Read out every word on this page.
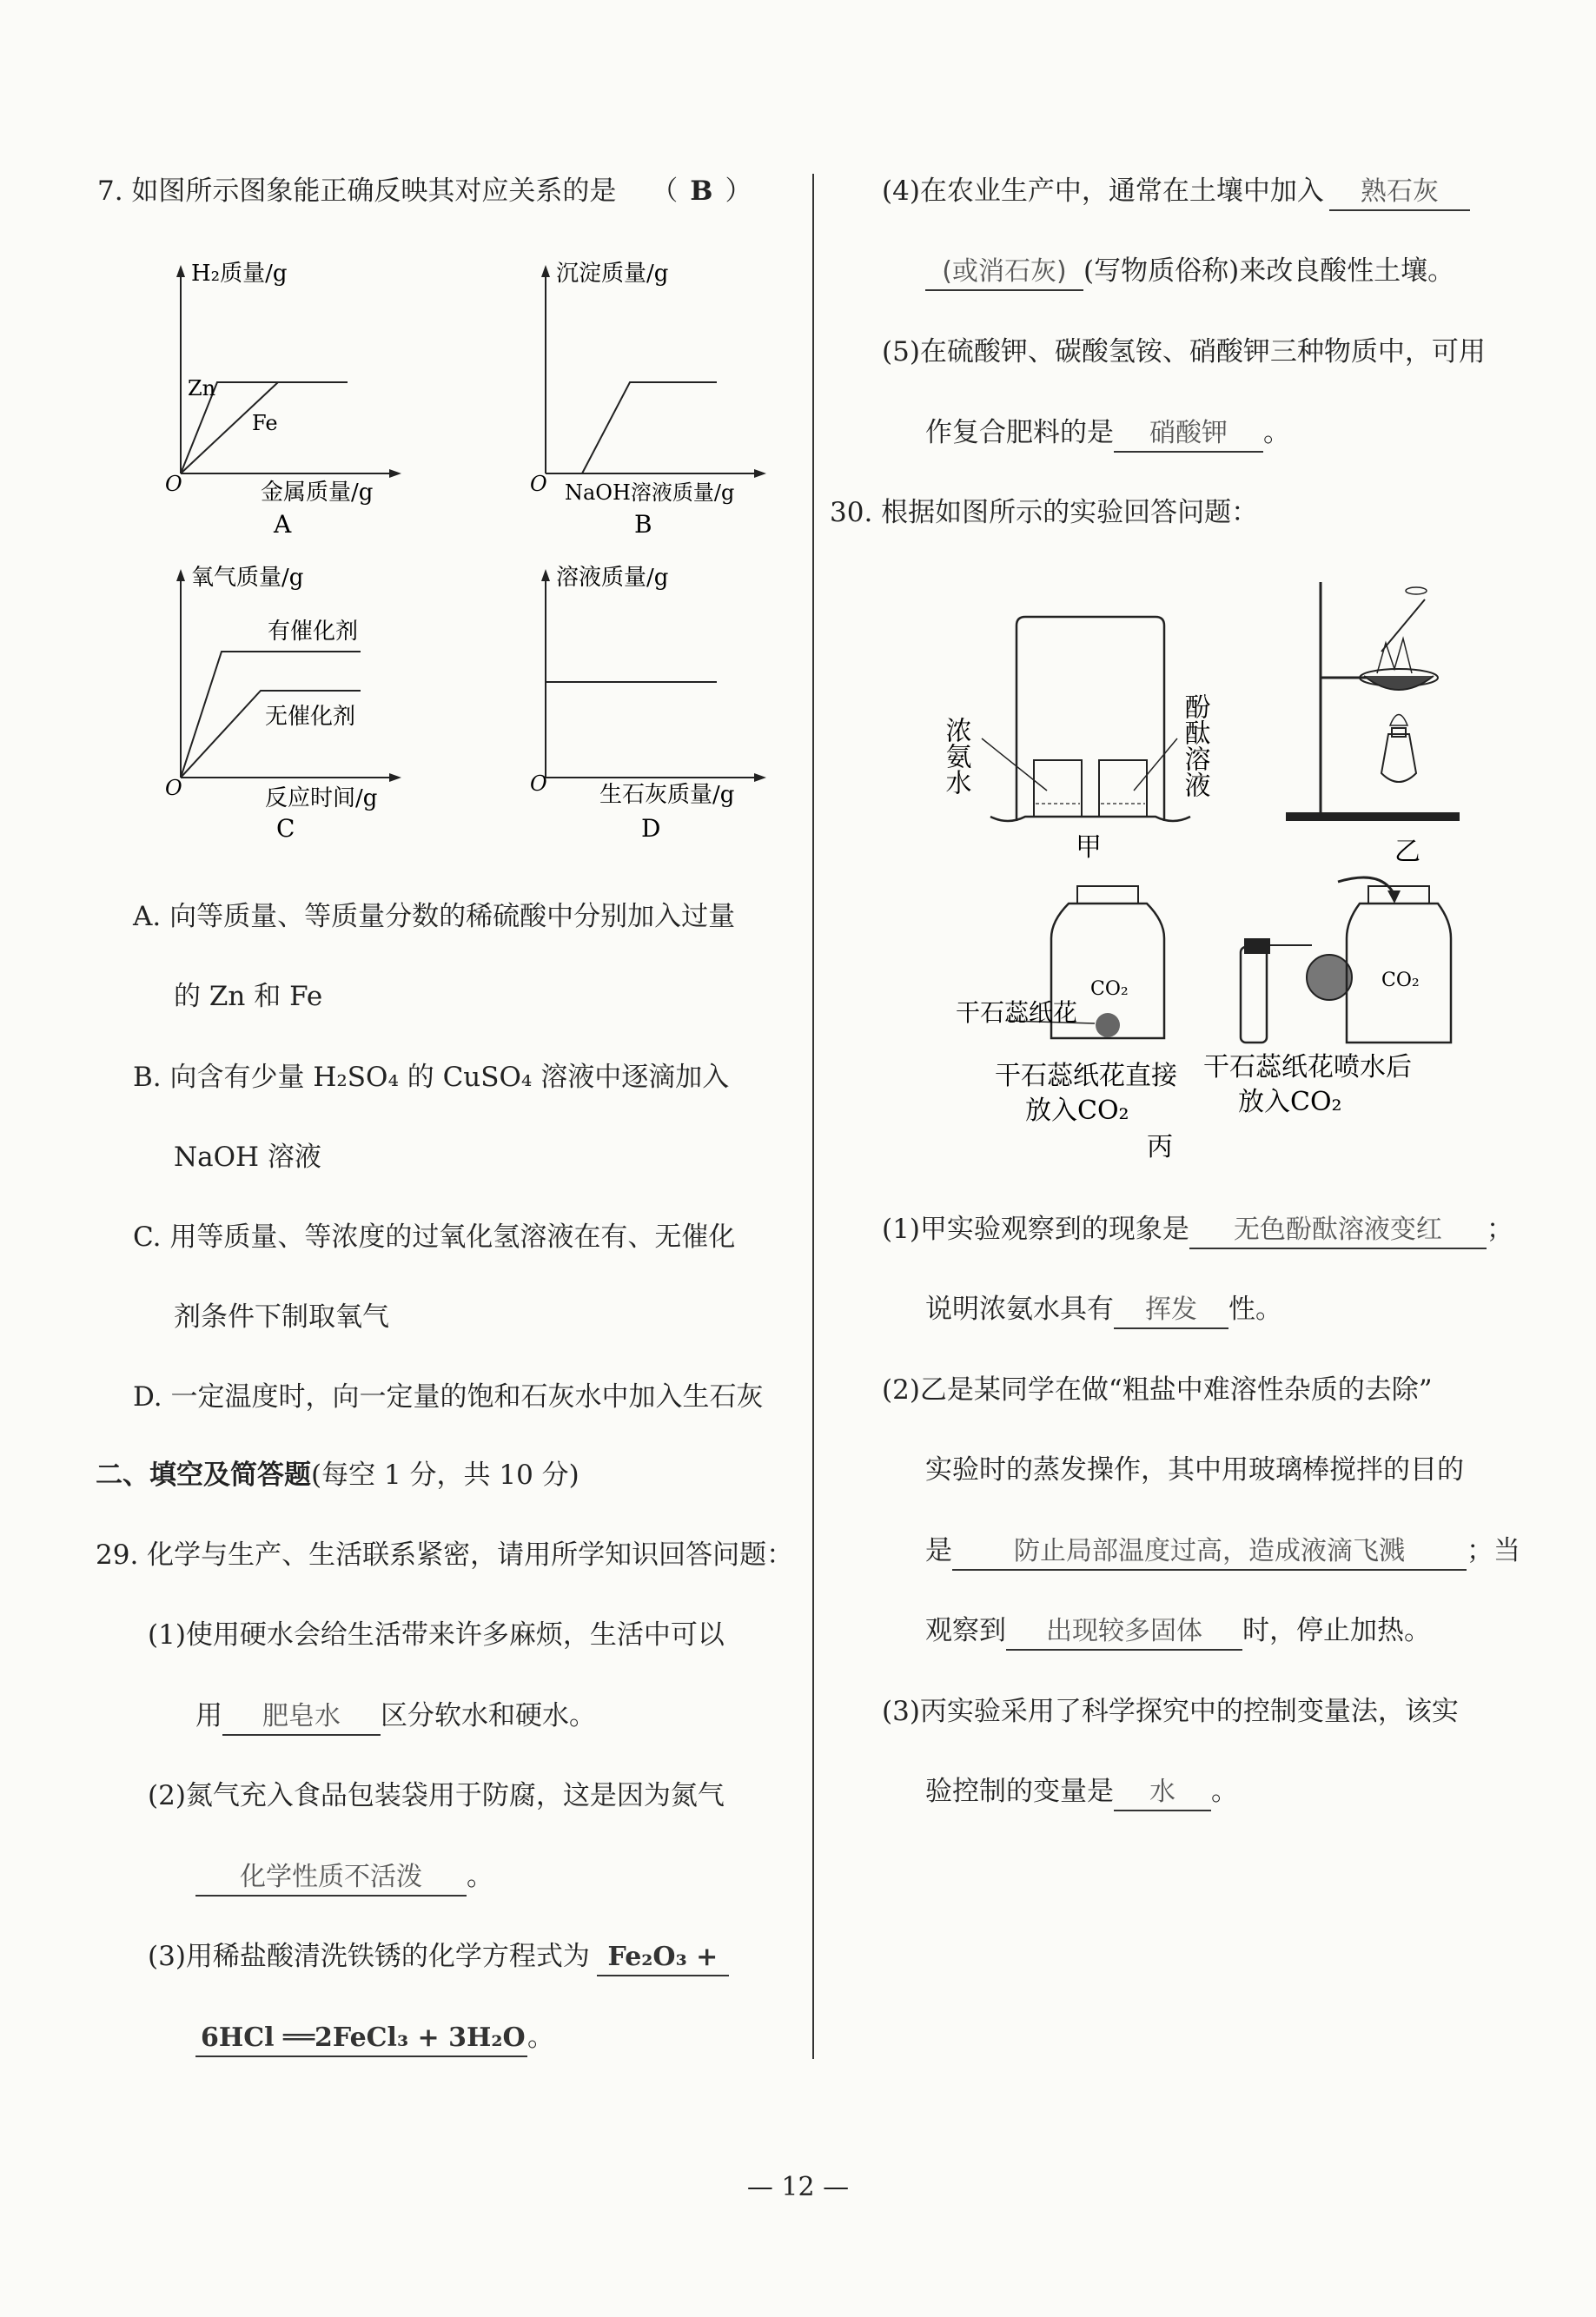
7. 如图所示图象能正确反映其对应关系的是 （ B ）
H₂质量/g
Zn
Fe
O	金属质量/g
A
沉淀质量/g
O NaOH溶液质量/g
B
氧气质量/g
有催化剂
无催化剂
O	反应时间/g
C
溶液质量/g
O 生石灰质量/g
D
A. 向等质量、等质量分数的稀硫酸中分别加入过量
的 Zn 和 Fe
B. 向含有少量 H₂SO₄ 的 CuSO₄ 溶液中逐滴加入
NaOH 溶液
C. 用等质量、等浓度的过氧化氢溶液在有、无催化
剂条件下制取氧气
D. 一定温度时，向一定量的饱和石灰水中加入生石灰
二、填空及简答题(每空 1 分，共 10 分)
29. 化学与生产、生活联系紧密，请用所学知识回答问题：
(1)使用硬水会给生活带来许多麻烦，生活中可以
用 肥皂水 区分软水和硬水。
(2)氮气充入食品包装袋用于防腐，这是因为氮气
化学性质不活泼 。
(3)用稀盐酸清洗铁锈的化学方程式为 Fe₂O₃ +
6HCl ══2FeCl₃ + 3H₂O。
(4)在农业生产中，通常在土壤中加入 熟石灰
(或消石灰) (写物质俗称)来改良酸性土壤。
(5)在硫酸钾、碳酸氢铵、硝酸钾三种物质中，可用
作复合肥料的是 硝酸钾 。
30. 根据如图所示的实验回答问题：
浓氨水	酚酞溶液
甲	乙
CO₂
干石蕊纸花
干石蕊纸花直接
放入CO₂
CO₂
干石蕊纸花喷水后
放入CO₂
丙
(1)甲实验观察到的现象是 无色酚酞溶液变红 ；
说明浓氨水具有 挥发 性。
(2)乙是某同学在做“粗盐中难溶性杂质的去除”
实验时的蒸发操作，其中用玻璃棒搅拌的目的
是 防止局部温度过高，造成液滴飞溅 ；当
观察到 出现较多固体 时，停止加热。
(3)丙实验采用了科学探究中的控制变量法，该实
验控制的变量是 水 。
— 12 —
